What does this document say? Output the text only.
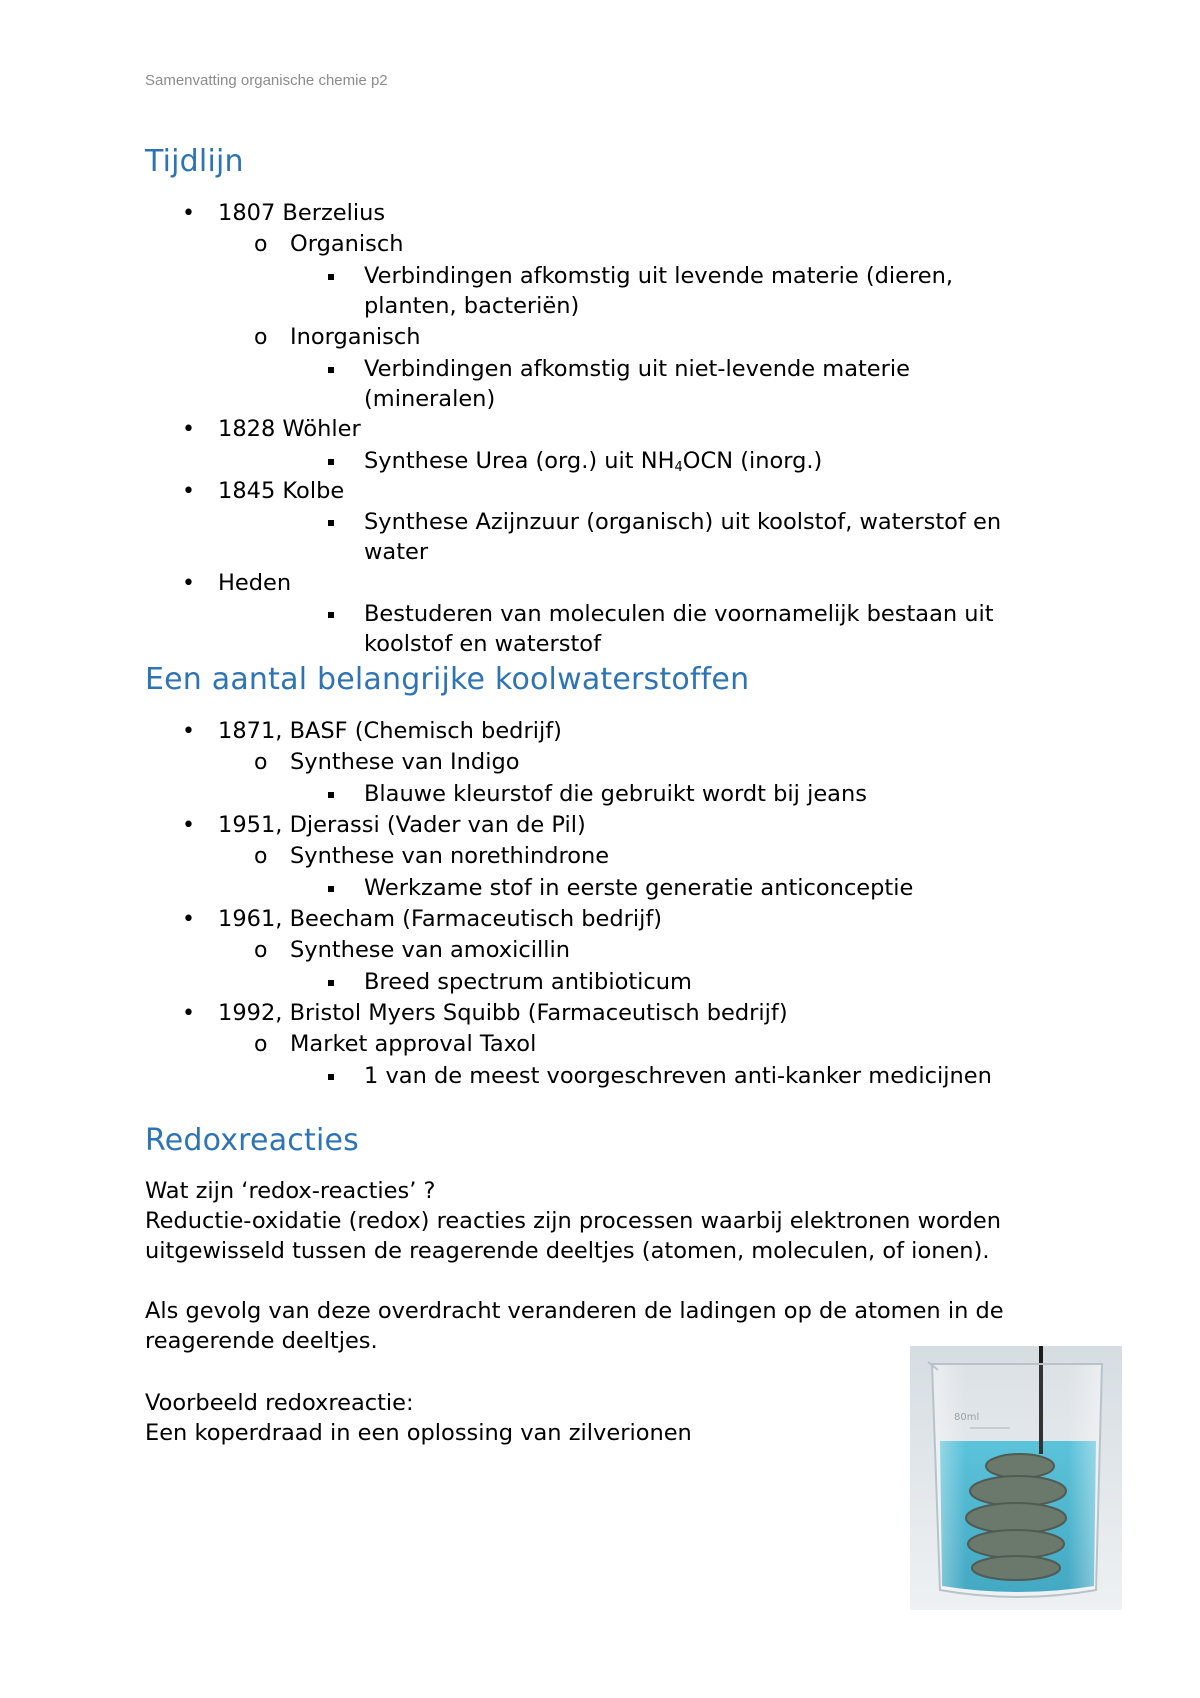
Samenvatting organische chemie p2
Tijdlijn
• 1807 Berzelius
o Organisch
Verbindingen afkomstig uit levende materie (dieren,
planten, bacteriën)
o Inorganisch
Verbindingen afkomstig uit niet-levende materie
(mineralen)
• 1828 Wöhler
Synthese Urea (org.) uit $NH_4OCN$ (inorg.)
• 1845 Kolbe
Synthese Azijnzuur (organisch) uit koolstof, waterstof en
water
• Heden
Bestuderen van moleculen die voornamelijk bestaan uit
koolstof en waterstof
Een aantal belangrijke koolwaterstoffen
• 1871, BASF (Chemisch bedrijf)
o Synthese van Indigo
Blauwe kleurstof die gebruikt wordt bij jeans
• 1951, Djerassi (Vader van de Pil)
o Synthese van norethindrone
Werkzame stof in eerste generatie anticonceptie
• 1961, Beecham (Farmaceutisch bedrijf)
o Synthese van amoxicillin
Breed spectrum antibioticum
• 1992, Bristol Myers Squibb (Farmaceutisch bedrijf)
o Market approval Taxol
1 van de meest voorgeschreven anti-kanker medicijnen
Redoxreacties
Wat zijn ‘redox-reacties’ ?
Reductie-oxidatie (redox) reacties zijn processen waarbij elektronen worden uitgewisseld tussen de reagerende deeltjes (atomen, moleculen, of ionen).
Als gevolg van deze overdracht veranderen de ladingen op de atomen in de reagerende deeltjes.
Voorbeeld redoxreactie:
Een koperdraad in een oplossing van zilverionen
80ml
